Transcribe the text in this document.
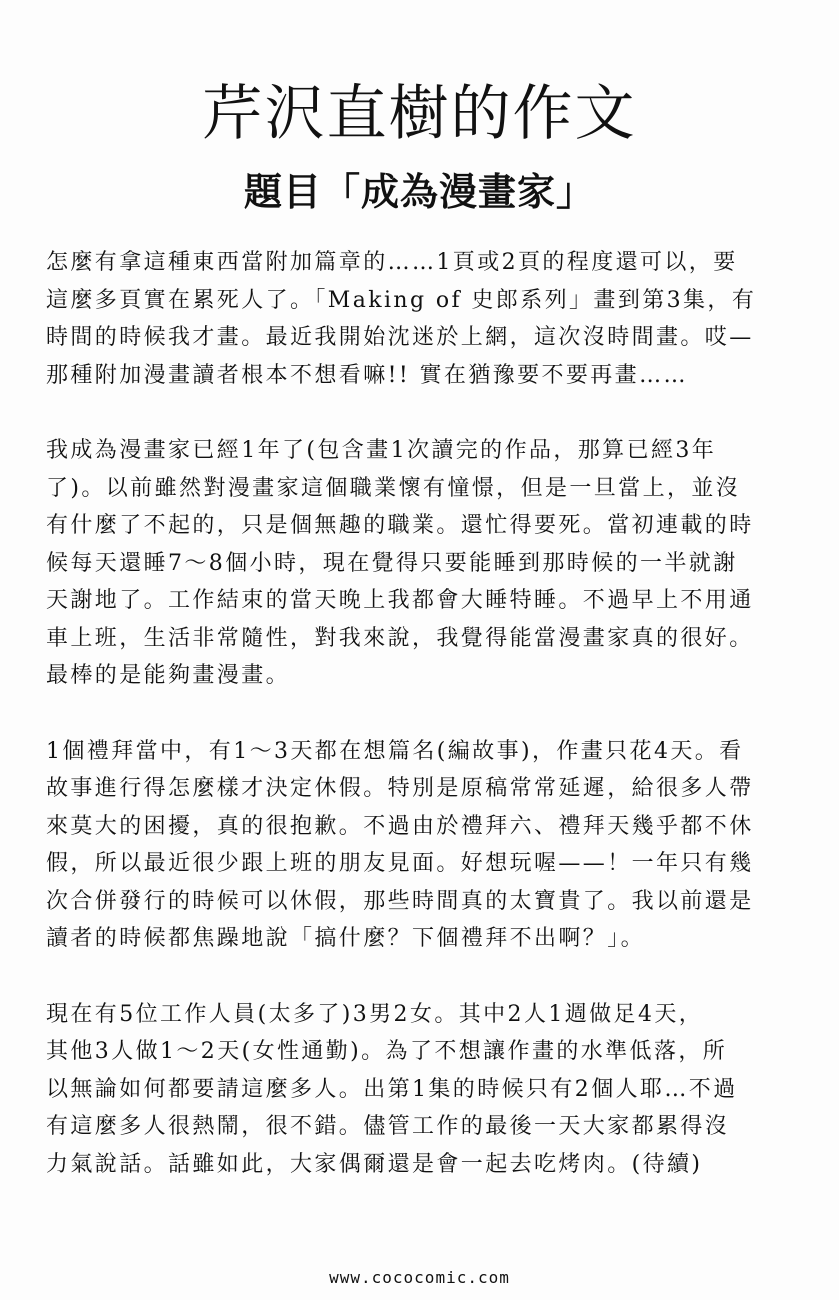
芹沢直樹的作文
題目「成為漫畫家」
怎麼有拿這種東西當附加篇章的……1頁或2頁的程度還可以，要
這麼多頁實在累死人了。「Making of 史郎系列」畫到第3集，有
時間的時候我才畫。最近我開始沈迷於上網，這次沒時間畫。哎—
那種附加漫畫讀者根本不想看嘛!! 實在猶豫要不要再畫……
我成為漫畫家已經1年了(包含畫1次讀完的作品，那算已經3年
了)。以前雖然對漫畫家這個職業懷有憧憬，但是一旦當上，並沒
有什麼了不起的，只是個無趣的職業。還忙得要死。當初連載的時
候每天還睡7～8個小時，現在覺得只要能睡到那時候的一半就謝
天謝地了。工作結束的當天晚上我都會大睡特睡。不過早上不用通
車上班，生活非常隨性，對我來說，我覺得能當漫畫家真的很好。
最棒的是能夠畫漫畫。
1個禮拜當中，有1～3天都在想篇名(編故事)，作畫只花4天。看
故事進行得怎麼樣才決定休假。特別是原稿常常延遲，給很多人帶
來莫大的困擾，真的很抱歉。不過由於禮拜六、禮拜天幾乎都不休
假，所以最近很少跟上班的朋友見面。好想玩喔——！一年只有幾
次合併發行的時候可以休假，那些時間真的太寶貴了。我以前還是
讀者的時候都焦躁地說「搞什麼？下個禮拜不出啊？」。
現在有5位工作人員(太多了)3男2女。其中2人1週做足4天，
其他3人做1～2天(女性通勤)。為了不想讓作畫的水準低落，所
以無論如何都要請這麼多人。出第1集的時候只有2個人耶…不過
有這麼多人很熱鬧，很不錯。儘管工作的最後一天大家都累得沒
力氣說話。話雖如此，大家偶爾還是會一起去吃烤肉。(待續)
www.cococomic.com
